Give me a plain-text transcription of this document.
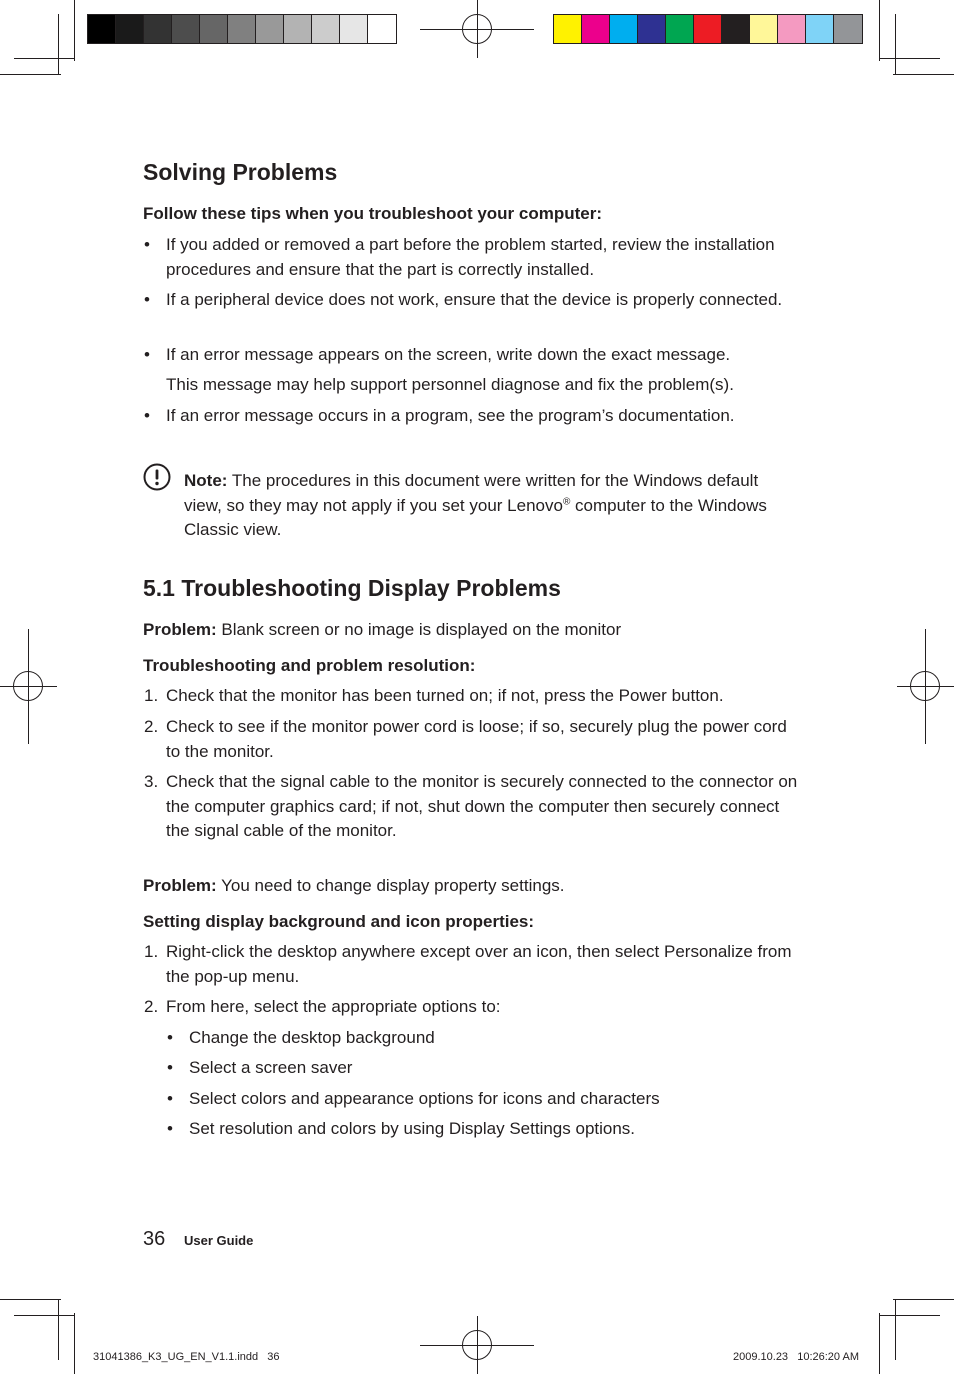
Solving Problems

Follow these tips when you troubleshoot your computer:

• If you added or removed a part before the problem started, review the installation procedures and ensure that the part is correctly installed.
• If a peripheral device does not work, ensure that the device is properly connected.
• If an error message appears on the screen, write down the exact message.

This message may help support personnel diagnose and fix the problem(s).

• If an error message occurs in a program, see the program’s documentation.

Note: The procedures in this document were written for the Windows default view, so they may not apply if you set your Lenovo® computer to the Windows Classic view.

5.1 Troubleshooting Display Problems

Problem: Blank screen or no image is displayed on the monitor

Troubleshooting and problem resolution:

1. Check that the monitor has been turned on; if not, press the Power button.
2. Check to see if the monitor power cord is loose; if so, securely plug the power cord to the monitor.
3. Check that the signal cable to the monitor is securely connected to the connector on the computer graphics card; if not, shut down the computer then securely connect the signal cable of the monitor.

Problem: You need to change display property settings.

Setting display background and icon properties:

1. Right-click the desktop anywhere except over an icon, then select Personalize from the pop-up menu.
2. From here, select the appropriate options to:
• Change the desktop background
• Select a screen saver
• Select colors and appearance options for icons and characters
• Set resolution and colors by using Display Settings options.
36 User Guide
31041386_K3_UG_EN_V1.1.indd   36	2009.10.23   10:26:20 AM
